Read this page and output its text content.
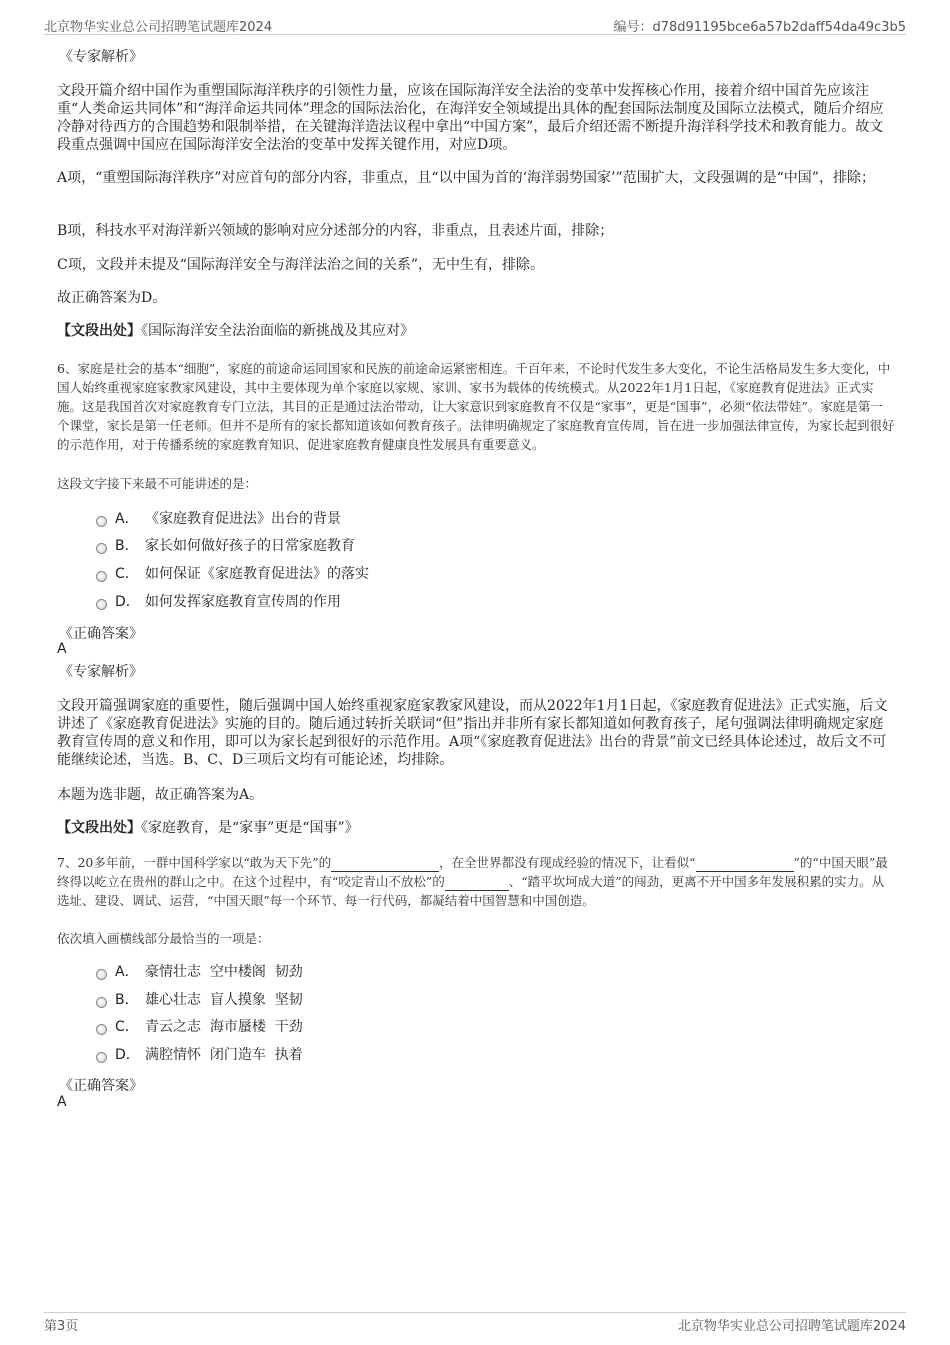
北京物华实业总公司招聘笔试题库2024	编号：d78d91195bce6a57b2daff54da49c3b5
《专家解析》
文段开篇介绍中国作为重塑国际海洋秩序的引领性力量，应该在国际海洋安全法治的变革中发挥核心作用，接着介绍中国首先应该注重“人类命运共同体”和“海洋命运共同体”理念的国际法治化，在海洋安全领域提出具体的配套国际法制度及国际立法模式，随后介绍应冷静对待西方的合围趋势和限制举措，在关键海洋造法议程中拿出“中国方案”，最后介绍还需不断提升海洋科学技术和教育能力。故文段重点强调中国应在国际海洋安全法治的变革中发挥关键作用，对应D项。
A项，“重塑国际海洋秩序”对应首句的部分内容，非重点，且“以中国为首的‘海洋弱势国家’”范围扩大，文段强调的是“中国”，排除；
B项，科技水平对海洋新兴领域的影响对应分述部分的内容，非重点，且表述片面，排除；
C项，文段并未提及“国际海洋安全与海洋法治之间的关系”，无中生有，排除。
故正确答案为D。
【文段出处】《国际海洋安全法治面临的新挑战及其应对》
6、家庭是社会的基本“细胞”，家庭的前途命运同国家和民族的前途命运紧密相连。千百年来，不论时代发生多大变化，不论生活格局发生多大变化，中国人始终重视家庭家教家风建设，其中主要体现为单个家庭以家规、家训、家书为载体的传统模式。从2022年1月1日起，《家庭教育促进法》正式实施。这是我国首次对家庭教育专门立法，其目的正是通过法治带动，让大家意识到家庭教育不仅是“家事”，更是“国事”，必须“依法带娃”。家庭是第一个课堂，家长是第一任老师。但并不是所有的家长都知道该如何教育孩子。法律明确规定了家庭教育宣传周，旨在进一步加强法律宣传，为家长起到很好的示范作用，对于传播系统的家庭教育知识、促进家庭教育健康良性发展具有重要意义。
这段文字接下来最不可能讲述的是：
A． 《家庭教育促进法》出台的背景
B． 家长如何做好孩子的日常家庭教育
C． 如何保证《家庭教育促进法》的落实
D． 如何发挥家庭教育宣传周的作用
《正确答案》
A
《专家解析》
文段开篇强调家庭的重要性，随后强调中国人始终重视家庭家教家风建设，而从2022年1月1日起，《家庭教育促进法》正式实施，后文讲述了《家庭教育促进法》实施的目的。随后通过转折关联词“但”指出并非所有家长都知道如何教育孩子，尾句强调法律明确规定家庭教育宣传周的意义和作用，即可以为家长起到很好的示范作用。A项“《家庭教育促进法》出台的背景”前文已经具体论述过，故后文不可能继续论述，当选。B、C、D三项后文均有可能论述，均排除。
本题为选非题，故正确答案为A。
【文段出处】《家庭教育，是“家事”更是“国事”》
7、20多年前，一群中国科学家以“敢为天下先”的	，在全世界都没有现成经验的情况下，让看似“	”的“中国天眼”最终得以屹立在贵州的群山之中。在这个过程中，有“咬定青山不放松”的	、“踏平坎坷成大道”的闯劲，更离不开中国多年发展积累的实力。从选址、建设、调试、运营，“中国天眼”每一个环节、每一行代码，都凝结着中国智慧和中国创造。
依次填入画横线部分最恰当的一项是：
A． 豪情壮志  空中楼阁  韧劲
B． 雄心壮志  盲人摸象  坚韧
C． 青云之志  海市蜃楼  干劲
D． 满腔情怀  闭门造车  执着
《正确答案》
A
第3页	北京物华实业总公司招聘笔试题库2024
